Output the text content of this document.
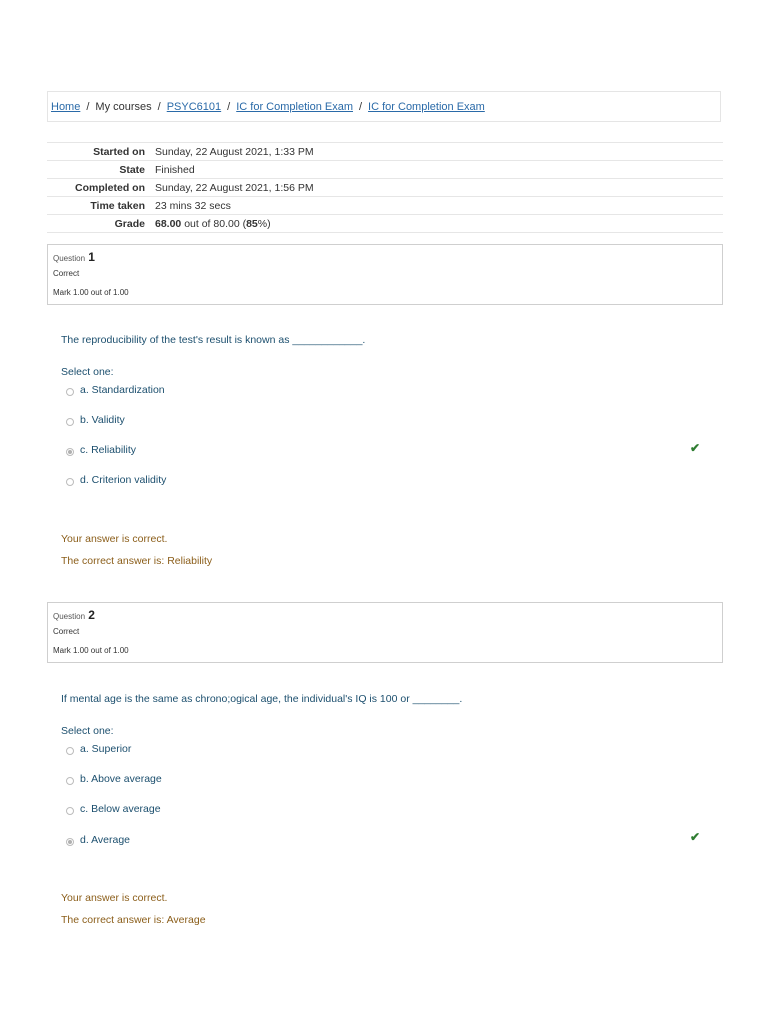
Home / My courses / PSYC6101 / IC for Completion Exam / IC for Completion Exam
Started on	Sunday, 22 August 2021, 1:33 PM
State	Finished
Completed on	Sunday, 22 August 2021, 1:56 PM
Time taken	23 mins 32 secs
Grade	68.00 out of 80.00 (85%)
Question 1
Correct
Mark 1.00 out of 1.00
The reproducibility of the test's result is known as ____________.
Select one:
a. Standardization
b. Validity
c. Reliability	✔
d. Criterion validity
Your answer is correct.
The correct answer is: Reliability
Question 2
Correct
Mark 1.00 out of 1.00
If mental age is the same as chrono;ogical age, the individual's IQ is 100 or ________.
Select one:
a. Superior
b. Above average
c. Below average
d. Average	✔
Your answer is correct.
The correct answer is: Average
